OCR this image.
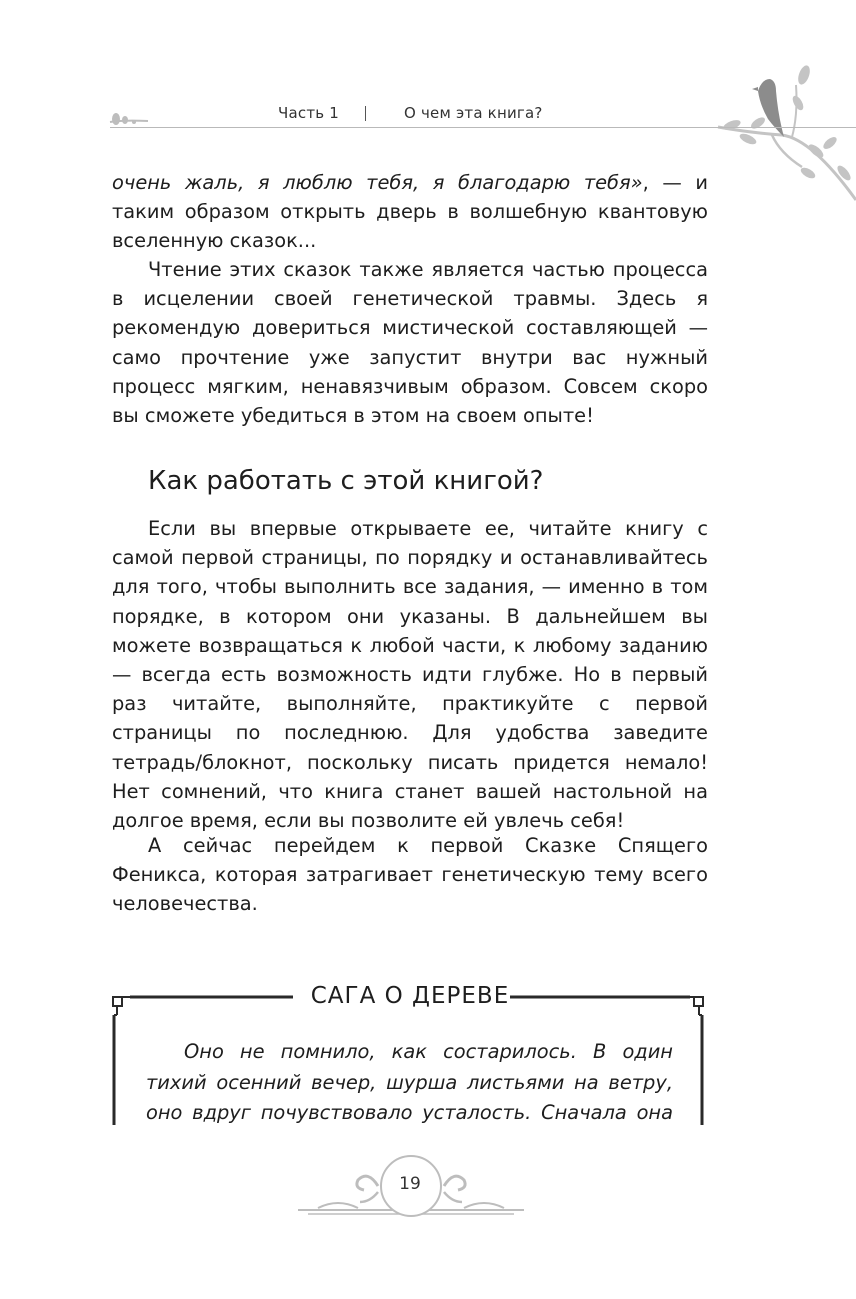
Часть 1	О чем эта книга?

очень жаль, я люблю тебя, я благодарю тебя», — и таким образом открыть дверь в волшебную квантовую вселенную сказок...

Чтение этих сказок также является частью процесса в исцелении своей генетической травмы. Здесь я рекомендую довериться мистической составляющей — само прочтение уже запустит внутри вас нужный процесс мягким, ненавязчивым образом. Совсем скоро вы сможете убедиться в этом на своем опыте!

Как работать с этой книгой?

Если вы впервые открываете ее, читайте книгу с самой первой страницы, по порядку и останавливайтесь для того, чтобы выполнить все задания, — именно в том порядке, в котором они указаны. В дальнейшем вы можете возвращаться к любой части, к любому заданию — всегда есть возможность идти глубже. Но в первый раз читайте, выполняйте, практикуйте с первой страницы по последнюю. Для удобства заведите тетрадь/блокнот, поскольку писать придется немало! Нет сомнений, что книга станет вашей настольной на долгое время, если вы позволите ей увлечь себя!

А сейчас перейдем к первой Сказке Спящего Феникса, которая затрагивает генетическую тему всего человечества.

САГА О ДЕРЕВЕ

Оно не помнило, как состарилось. В один тихий осенний вечер, шурша листьями на ветру, оно вдруг почувствовало усталость. Сначала она

19
